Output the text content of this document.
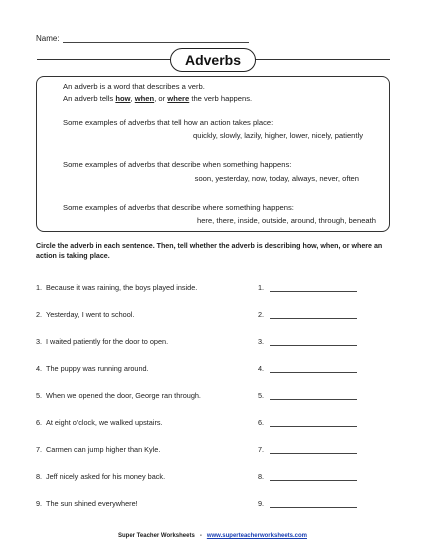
Name:
Adverbs
An adverb is a word that describes a verb.
An adverb tells how, when, or where the verb happens.
Some examples of adverbs that tell how an action takes place:
quickly, slowly, lazily, higher, lower, nicely, patiently
Some examples of adverbs that describe when something happens:
soon, yesterday, now, today, always, never, often
Some examples of adverbs that describe where something happens:
here, there, inside, outside, around, through, beneath
Circle the adverb in each sentence. Then, tell whether the adverb is describing how, when, or where an action is taking place.
1. Because it was raining, the boys played inside.	1.
2. Yesterday, I went to school.	2.
3. I waited patiently for the door to open.	3.
4. The puppy was running around.	4.
5. When we opened the door, George ran through.	5.
6. At eight o'clock, we walked upstairs.	6.
7. Carmen can jump higher than Kyle.	7.
8. Jeff nicely asked for his money back.	8.
9. The sun shined everywhere!	9.
Super Teacher Worksheets - www.superteacherworksheets.com
